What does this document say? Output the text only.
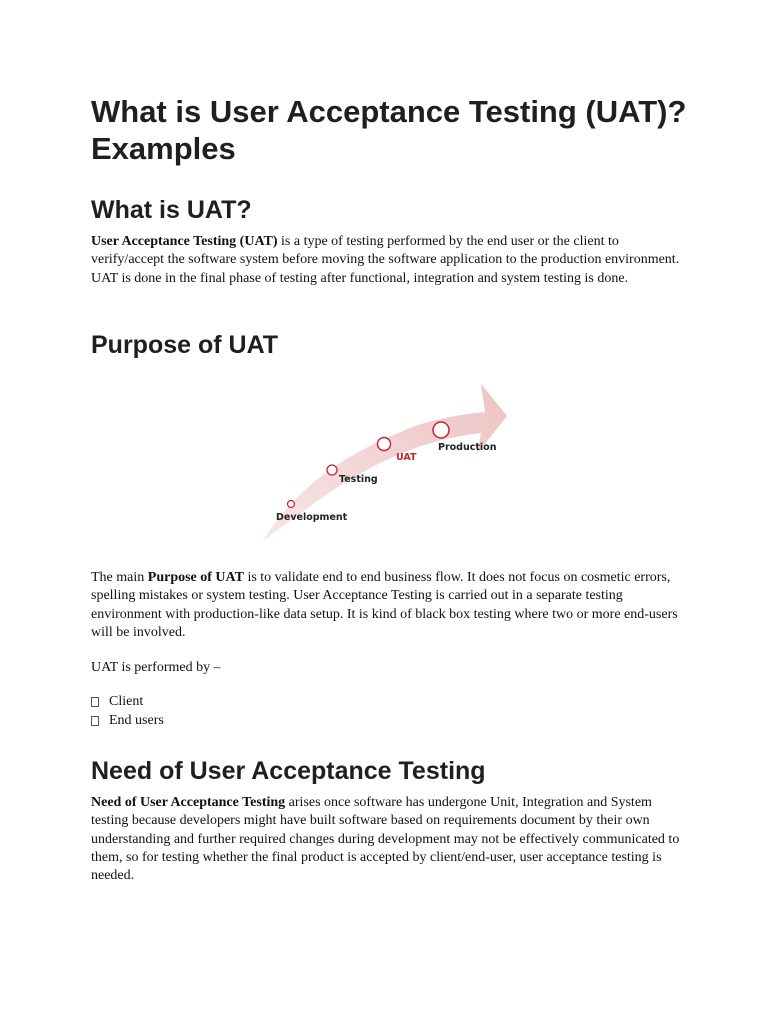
What is User Acceptance Testing (UAT)? Examples
What is UAT?

User Acceptance Testing (UAT) is a type of testing performed by the end user or the client to verify/accept the software system before moving the software application to the production environment. UAT is done in the final phase of testing after functional, integration and system testing is done.

Purpose of UAT
Development
Testing
UAT
Production

The main Purpose of UAT is to validate end to end business flow. It does not focus on cosmetic errors, spelling mistakes or system testing. User Acceptance Testing is carried out in a separate testing environment with production-like data setup. It is kind of black box testing where two or more end-users will be involved.

UAT is performed by –

Client
End users
Need of User Acceptance Testing

Need of User Acceptance Testing arises once software has undergone Unit, Integration and System testing because developers might have built software based on requirements document by their own understanding and further required changes during development may not be effectively communicated to them, so for testing whether the final product is accepted by client/end-user, user acceptance testing is needed.
